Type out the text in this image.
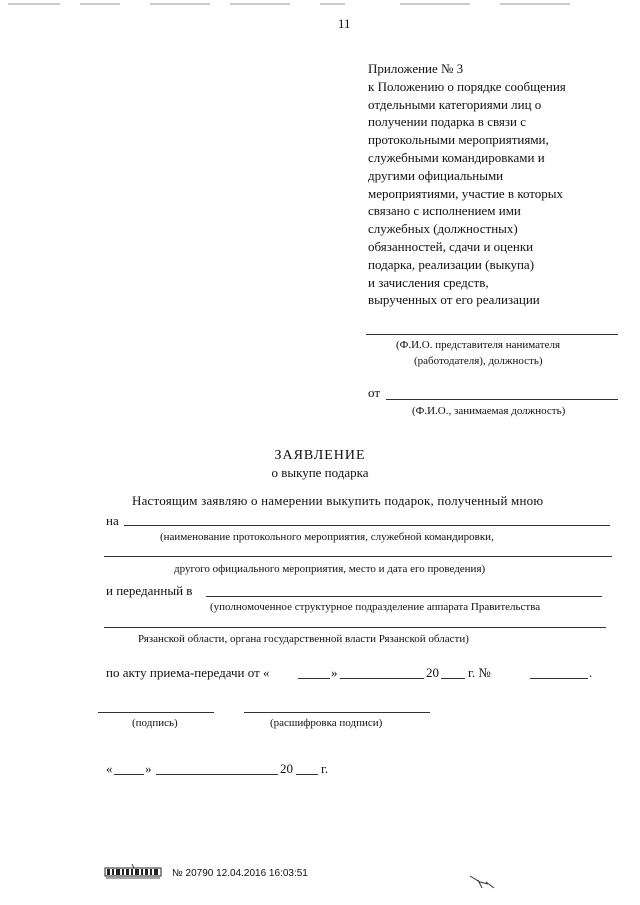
11
Приложение № 3
к Положению о порядке сообщения
отдельными категориями лиц о
получении подарка в связи с
протокольными мероприятиями,
служебными командировками и
другими официальными
мероприятиями, участие в которых
связано с исполнением ими
служебных (должностных)
обязанностей, сдачи и оценки
подарка, реализации (выкупа)
и зачисления средств,
вырученных от его реализации
(Ф.И.О. представителя нанимателя
(работодателя), должность)
от
(Ф.И.О., занимаемая должность)
ЗАЯВЛЕНИЕ
о выкупе подарка
Настоящим заявляю о намерении выкупить подарок, полученный мною
на
(наименование протокольного мероприятия, служебной командировки,
другого официального мероприятия, место и дата его проведения)
и переданный в
(уполномоченное структурное подразделение аппарата Правительства
Рязанской области, органа государственной власти Рязанской области)
по акту приема-передачи от «	»	20 г. №	.
(подпись)	(расшифровка подписи)
«	»	20 г.
№ 20790 12.04.2016 16:03:51
